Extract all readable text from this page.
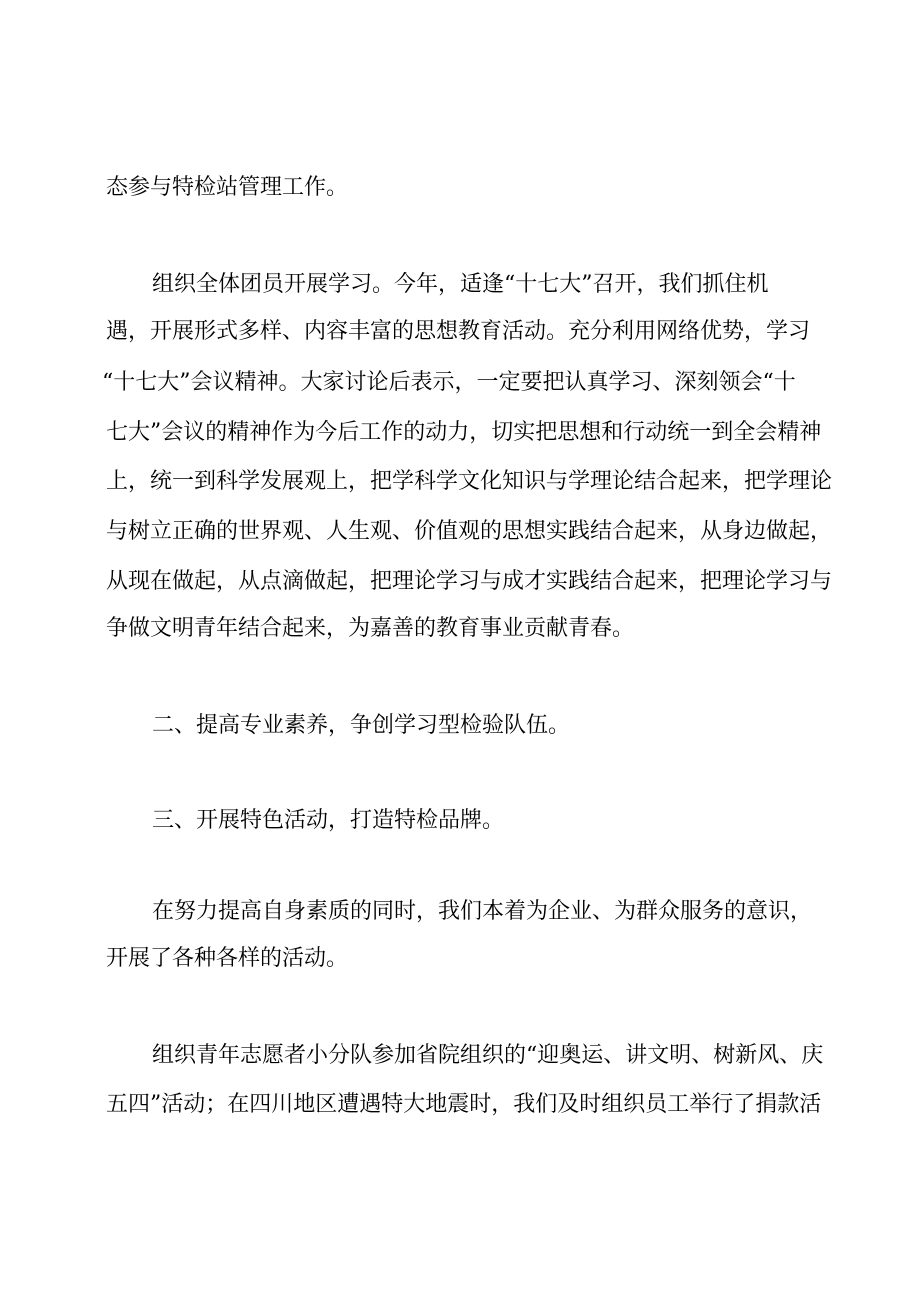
态参与特检站管理工作。

组织全体团员开展学习。今年，适逢“十七大”召开，我们抓住机

遇，开展形式多样、内容丰富的思想教育活动。充分利用网络优势，学习

“十七大”会议精神。大家讨论后表示，一定要把认真学习、深刻领会“十

七大”会议的精神作为今后工作的动力，切实把思想和行动统一到全会精神

上，统一到科学发展观上，把学科学文化知识与学理论结合起来，把学理论

与树立正确的世界观、人生观、价值观的思想实践结合起来，从身边做起，

从现在做起，从点滴做起，把理论学习与成才实践结合起来，把理论学习与

争做文明青年结合起来，为嘉善的教育事业贡献青春。

二、提高专业素养，争创学习型检验队伍。

三、开展特色活动，打造特检品牌。

在努力提高自身素质的同时，我们本着为企业、为群众服务的意识，

开展了各种各样的活动。

组织青年志愿者小分队参加省院组织的“迎奥运、讲文明、树新风、庆

五四”活动；在四川地区遭遇特大地震时，我们及时组织员工举行了捐款活
